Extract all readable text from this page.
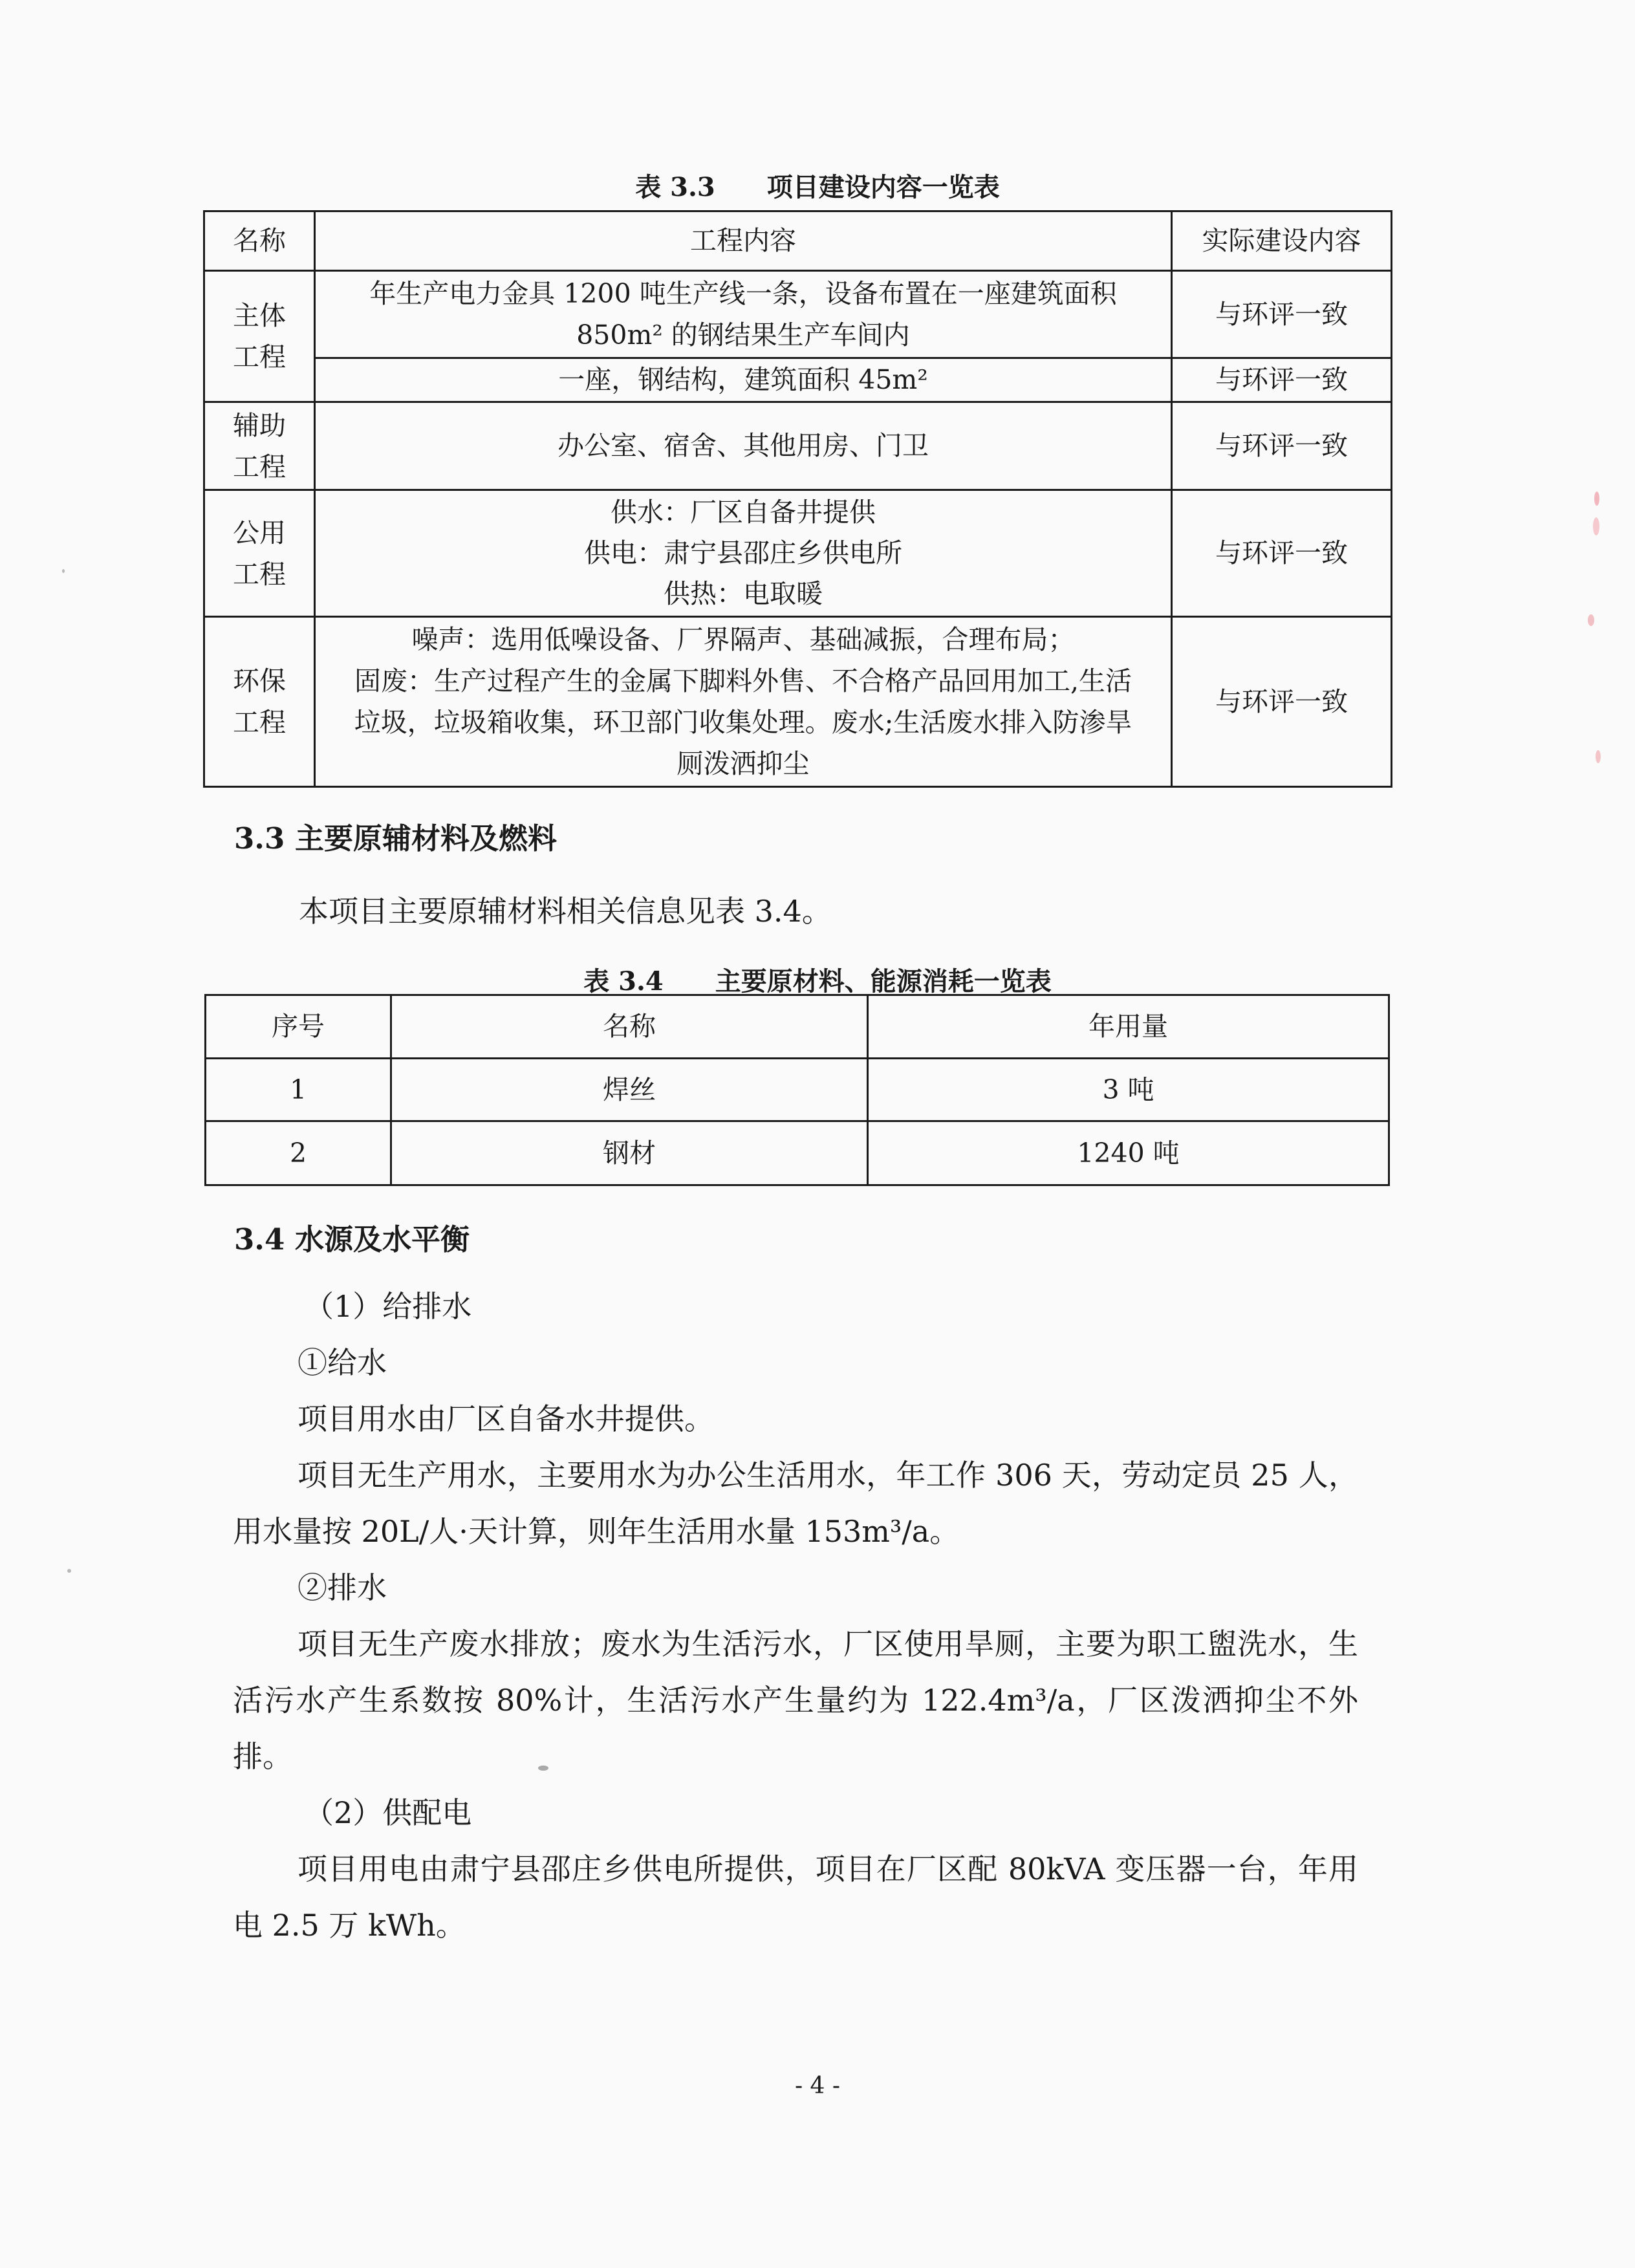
表 3.3　　项目建设内容一览表
名称	工程内容	实际建设内容

主体工程	年生产电力金具 1200 吨生产线一条，设备布置在一座建筑面积 850m² 的钢结果生产车间内	与环评一致
	一座，钢结构，建筑面积 45m²	与环评一致

辅助工程	办公室、宿舍、其他用房、门卫	与环评一致

公用工程	供水：厂区自备井提供
供电：肃宁县邵庄乡供电所
供热：电取暖	与环评一致

环保工程	噪声：选用低噪设备、厂界隔声、基础减振，合理布局；
固废：生产过程产生的金属下脚料外售、不合格产品回用加工,生活
垃圾，垃圾箱收集，环卫部门收集处理。废水;生活废水排入防渗旱
厕泼洒抑尘	与环评一致
3.3 主要原辅材料及燃料
本项目主要原辅材料相关信息见表 3.4。
表 3.4　　主要原材料、能源消耗一览表
序号	名称	年用量
1	焊丝	3 吨
2	钢材	1240 吨
3.4 水源及水平衡
（1）给排水
①给水
项目用水由厂区自备水井提供。
项目无生产用水，主要用水为办公生活用水，年工作 306 天，劳动定员 25 人，用水量按 20L/人·天计算，则年生活用水量 153m³/a。
②排水
项目无生产废水排放；废水为生活污水，厂区使用旱厕，主要为职工盥洗水，生活污水产生系数按 80%计，生活污水产生量约为 122.4m³/a，厂区泼洒抑尘不外排。
（2）供配电
项目用电由肃宁县邵庄乡供电所提供，项目在厂区配 80kVA 变压器一台，年用电 2.5 万 kWh。
- 4 -
